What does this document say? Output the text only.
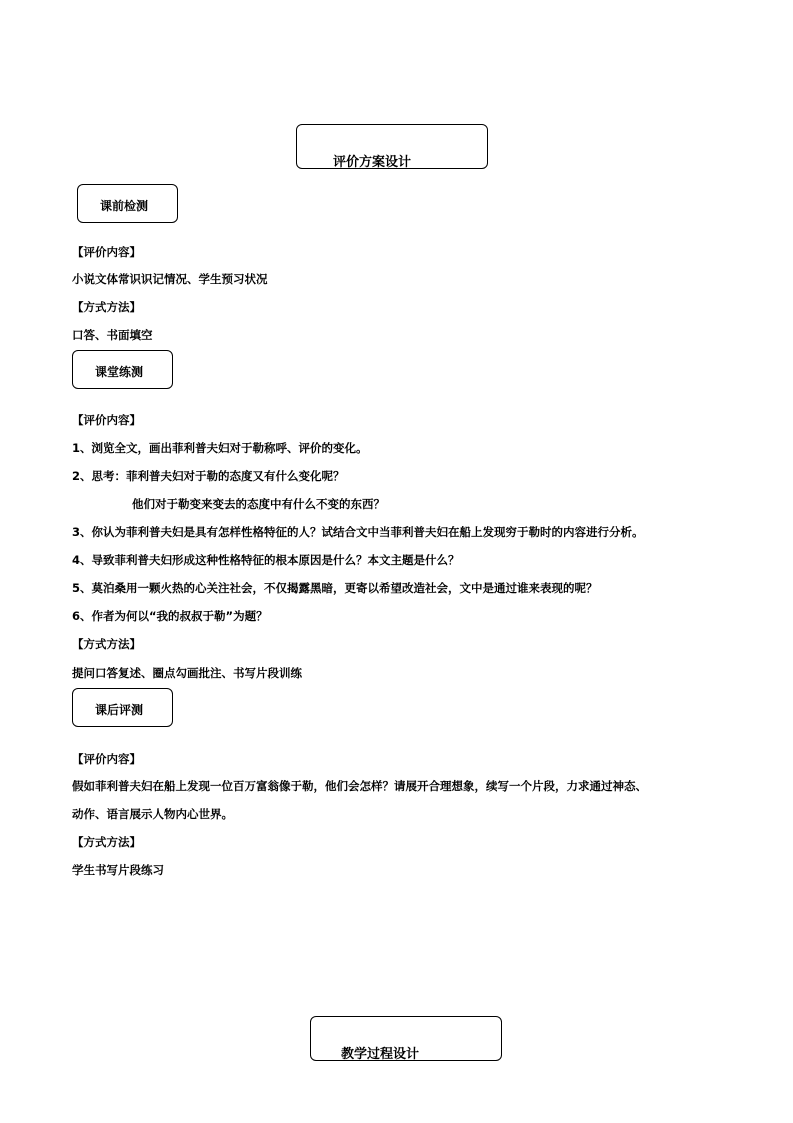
评价方案设计
课前检测
【评价内容】
小说文体常识识记情况、学生预习状况
【方式方法】
口答、书面填空
课堂练测
【评价内容】
1、浏览全文，画出菲利普夫妇对于勒称呼、评价的变化。
2、思考：菲利普夫妇对于勒的态度又有什么变化呢？
他们对于勒变来变去的态度中有什么不变的东西？
3、你认为菲利普夫妇是具有怎样性格特征的人？试结合文中当菲利普夫妇在船上发现穷于勒时的内容进行分析。
4、导致菲利普夫妇形成这种性格特征的根本原因是什么？本文主题是什么？
5、莫泊桑用一颗火热的心关注社会，不仅揭露黑暗，更寄以希望改造社会，文中是通过谁来表现的呢？
6、作者为何以“我的叔叔于勒”为题？
【方式方法】
提问口答复述、圈点勾画批注、书写片段训练
课后评测
【评价内容】
假如菲利普夫妇在船上发现一位百万富翁像于勒，他们会怎样？请展开合理想象，续写一个片段，力求通过神态、
动作、语言展示人物内心世界。
【方式方法】
学生书写片段练习
教学过程设计
